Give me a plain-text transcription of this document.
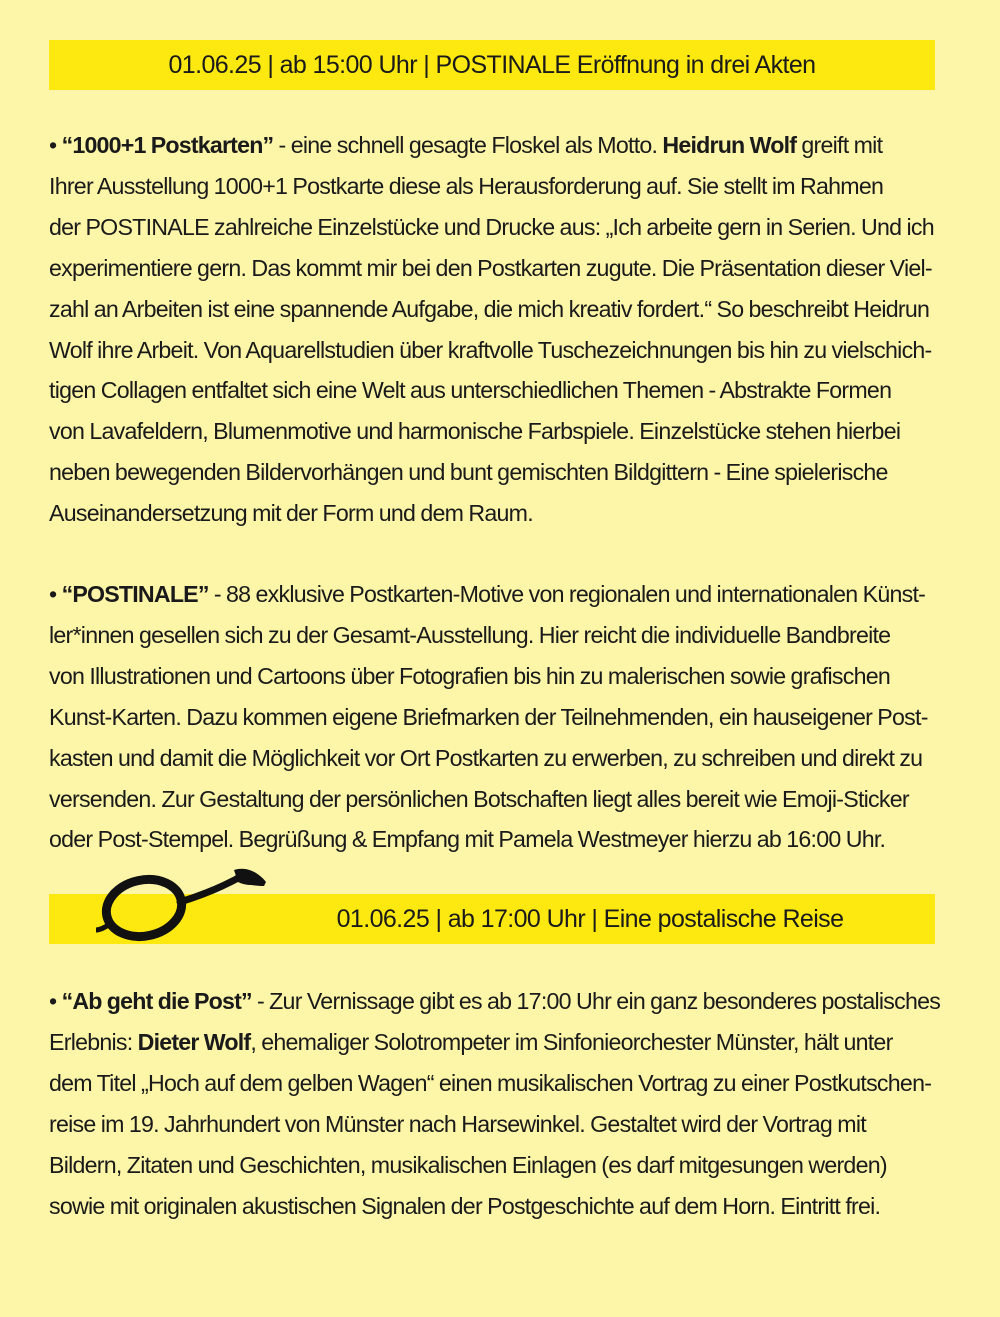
01.06.25 | ab 15:00 Uhr | POSTINALE Eröffnung in drei Akten

• “1000+1 Postkarten” - eine schnell gesagte Floskel als Motto. Heidrun Wolf greift mit
Ihrer Ausstellung 1000+1 Postkarte diese als Herausforderung auf. Sie stellt im Rahmen
der POSTINALE zahlreiche Einzelstücke und Drucke aus: „Ich arbeite gern in Serien. Und ich
experimentiere gern. Das kommt mir bei den Postkarten zugute. Die Präsentation dieser Viel-
zahl an Arbeiten ist eine spannende Aufgabe, die mich kreativ fordert.“ So beschreibt Heidrun
Wolf ihre Arbeit. Von Aquarellstudien über kraftvolle Tuschezeichnungen bis hin zu vielschich-
tigen Collagen entfaltet sich eine Welt aus unterschiedlichen Themen - Abstrakte Formen
von Lavafeldern, Blumenmotive und harmonische Farbspiele. Einzelstücke stehen hierbei
neben bewegenden Bildervorhängen und bunt gemischten Bildgittern - Eine spielerische
Auseinandersetzung mit der Form und dem Raum.

• “POSTINALE” - 88 exklusive Postkarten-Motive von regionalen und internationalen Künst-
ler*innen gesellen sich zu der Gesamt-Ausstellung. Hier reicht die individuelle Bandbreite
von Illustrationen und Cartoons über Fotografien bis hin zu malerischen sowie grafischen
Kunst-Karten. Dazu kommen eigene Briefmarken der Teilnehmenden, ein hauseigener Post-
kasten und damit die Möglichkeit vor Ort Postkarten zu erwerben, zu schreiben und direkt zu
versenden. Zur Gestaltung der persönlichen Botschaften liegt alles bereit wie Emoji-Sticker
oder Post-Stempel. Begrüßung & Empfang mit Pamela Westmeyer hierzu ab 16:00 Uhr.

01.06.25 | ab 17:00 Uhr | Eine postalische Reise

• “Ab geht die Post” - Zur Vernissage gibt es ab 17:00 Uhr ein ganz besonderes postalisches
Erlebnis: Dieter Wolf, ehemaliger Solotrompeter im Sinfonieorchester Münster, hält unter
dem Titel „Hoch auf dem gelben Wagen“ einen musikalischen Vortrag zu einer Postkutschen-
reise im 19. Jahrhundert von Münster nach Harsewinkel. Gestaltet wird der Vortrag mit
Bildern, Zitaten und Geschichten, musikalischen Einlagen (es darf mitgesungen werden)
sowie mit originalen akustischen Signalen der Postgeschichte auf dem Horn. Eintritt frei.
